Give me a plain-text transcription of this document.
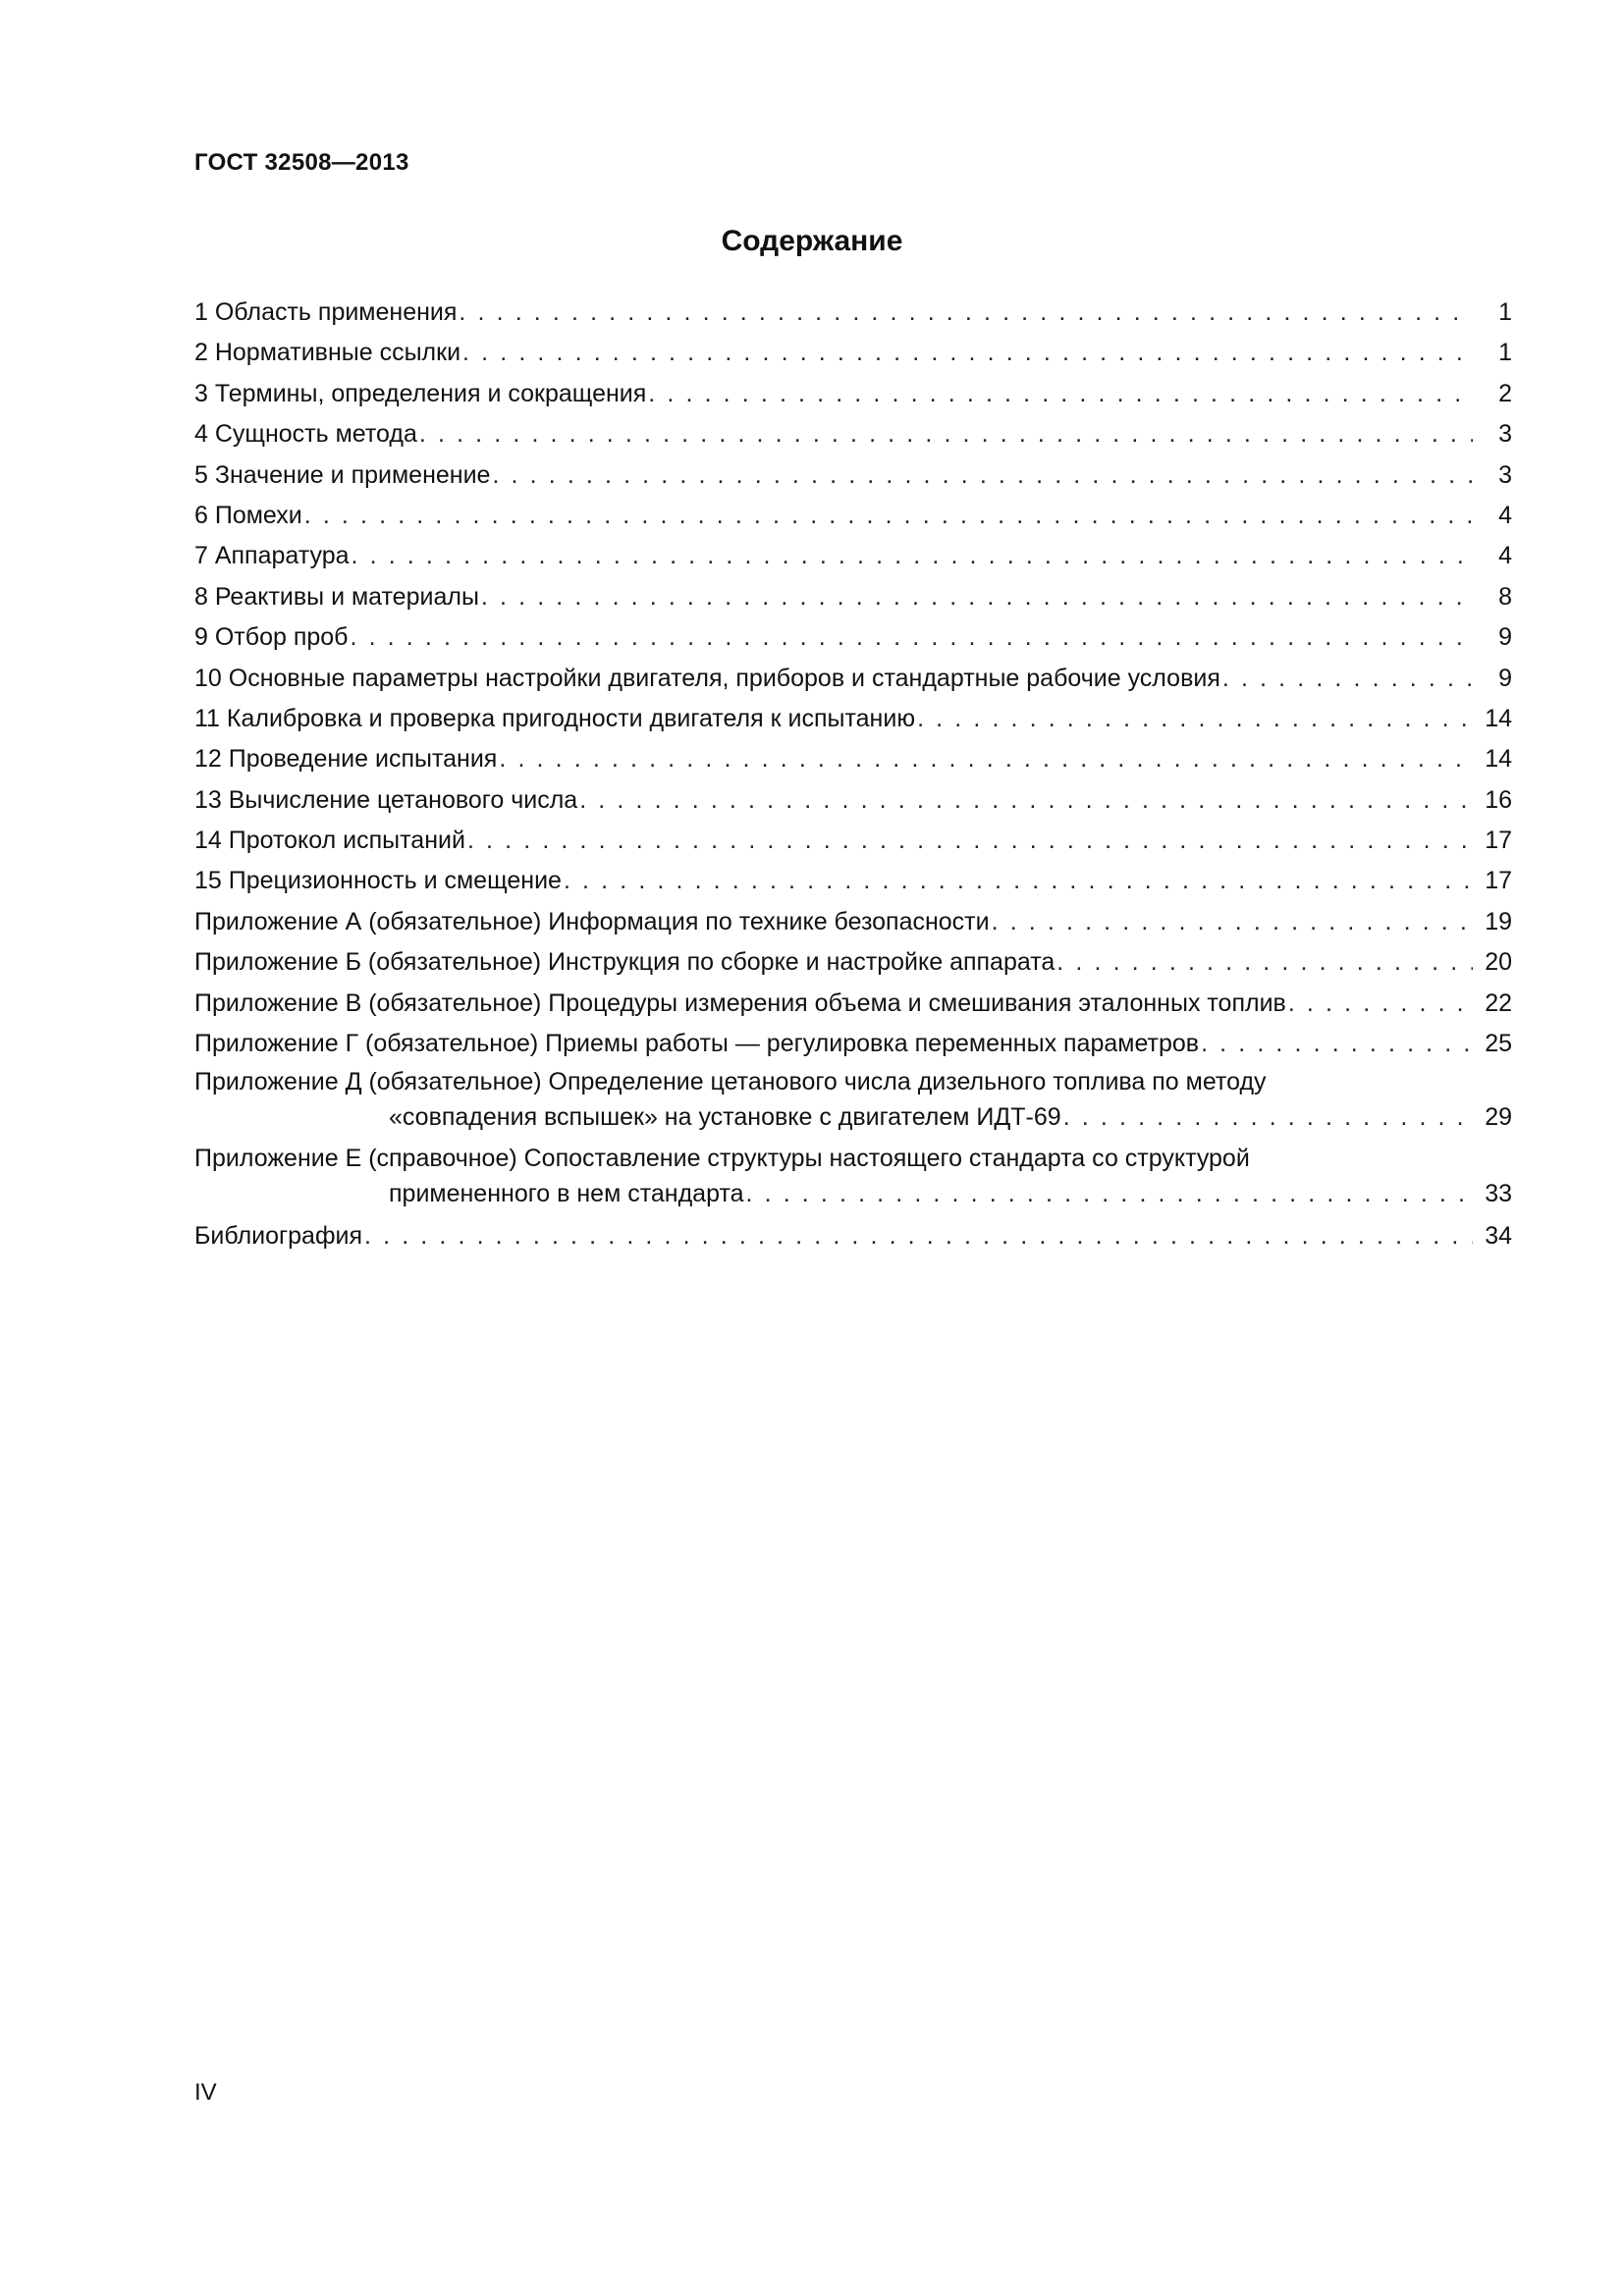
ГОСТ 32508—2013
Содержание
1 Область применения . . .	1
2 Нормативные ссылки . . .	1
3 Термины, определения и сокращения . . .	2
4 Сущность метода . . .	3
5 Значение и применение . . .	3
6 Помехи . . .	4
7 Аппаратура . . .	4
8 Реактивы и материалы . . .	8
9 Отбор проб . . .	9
10 Основные параметры настройки двигателя, приборов и стандартные рабочие условия . . .	9
11 Калибровка и проверка пригодности двигателя к испытанию . . .	14
12 Проведение испытания . . .	14
13 Вычисление цетанового числа . . .	16
14 Протокол испытаний . . .	17
15 Прецизионность и смещение . . .	17
Приложение А (обязательное) Информация по технике безопасности . . .	19
Приложение Б (обязательное) Инструкция по сборке и настройке аппарата . . .	20
Приложение В (обязательное) Процедуры измерения объема и смешивания эталонных топлив . . .	22
Приложение Г (обязательное) Приемы работы — регулировка переменных параметров . . .	25
Приложение Д (обязательное) Определение цетанового числа дизельного топлива по методу
«совпадения вспышек» на установке с двигателем ИДТ-69 . . .	29
Приложение Е (справочное) Сопоставление структуры настоящего стандарта со структурой
примененного в нем стандарта . . .	33
Библиография . . .	34
IV
